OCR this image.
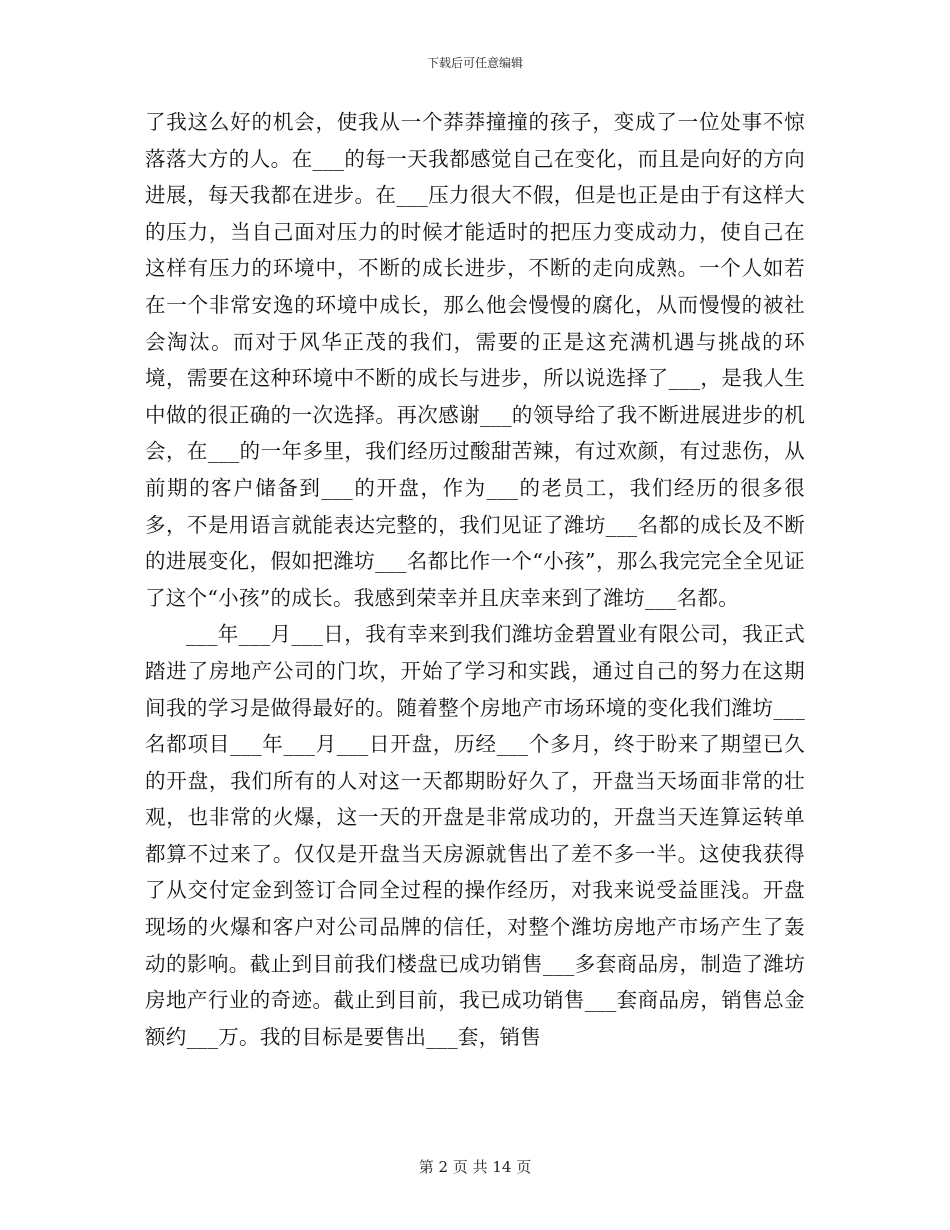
下载后可任意编辑

了我这么好的机会，使我从一个莽莽撞撞的孩子，变成了一位处事不惊落落大方的人。在___的每一天我都感觉自己在变化，而且是向好的方向进展，每天我都在进步。在___压力很大不假，但是也正是由于有这样大的压力，当自己面对压力的时候才能适时的把压力变成动力，使自己在这样有压力的环境中，不断的成长进步，不断的走向成熟。一个人如若在一个非常安逸的环境中成长，那么他会慢慢的腐化，从而慢慢的被社会淘汰。而对于风华正茂的我们，需要的正是这充满机遇与挑战的环境，需要在这种环境中不断的成长与进步，所以说选择了___，是我人生中做的很正确的一次选择。再次感谢___的领导给了我不断进展进步的机会，在___的一年多里，我们经历过酸甜苦辣，有过欢颜，有过悲伤，从前期的客户储备到___的开盘，作为___的老员工，我们经历的很多很多，不是用语言就能表达完整的，我们见证了潍坊___名都的成长及不断的进展变化，假如把潍坊___名都比作一个“小孩”，那么我完完全全见证了这个“小孩”的成长。我感到荣幸并且庆幸来到了潍坊___名都。

___年___月___日，我有幸来到我们潍坊金碧置业有限公司，我正式踏进了房地产公司的门坎，开始了学习和实践，通过自己的努力在这期间我的学习是做得最好的。随着整个房地产市场环境的变化我们潍坊___名都项目___年___月___日开盘，历经___个多月，终于盼来了期望已久的开盘，我们所有的人对这一天都期盼好久了，开盘当天场面非常的壮观，也非常的火爆，这一天的开盘是非常成功的，开盘当天连算运转单都算不过来了。仅仅是开盘当天房源就售出了差不多一半。这使我获得了从交付定金到签订合同全过程的操作经历，对我来说受益匪浅。开盘现场的火爆和客户对公司品牌的信任，对整个潍坊房地产市场产生了轰动的影响。截止到目前我们楼盘已成功销售___多套商品房，制造了潍坊房地产行业的奇迹。截止到目前，我已成功销售___套商品房，销售总金额约___万。我的目标是要售出___套，销售

第 2 页 共 14 页
